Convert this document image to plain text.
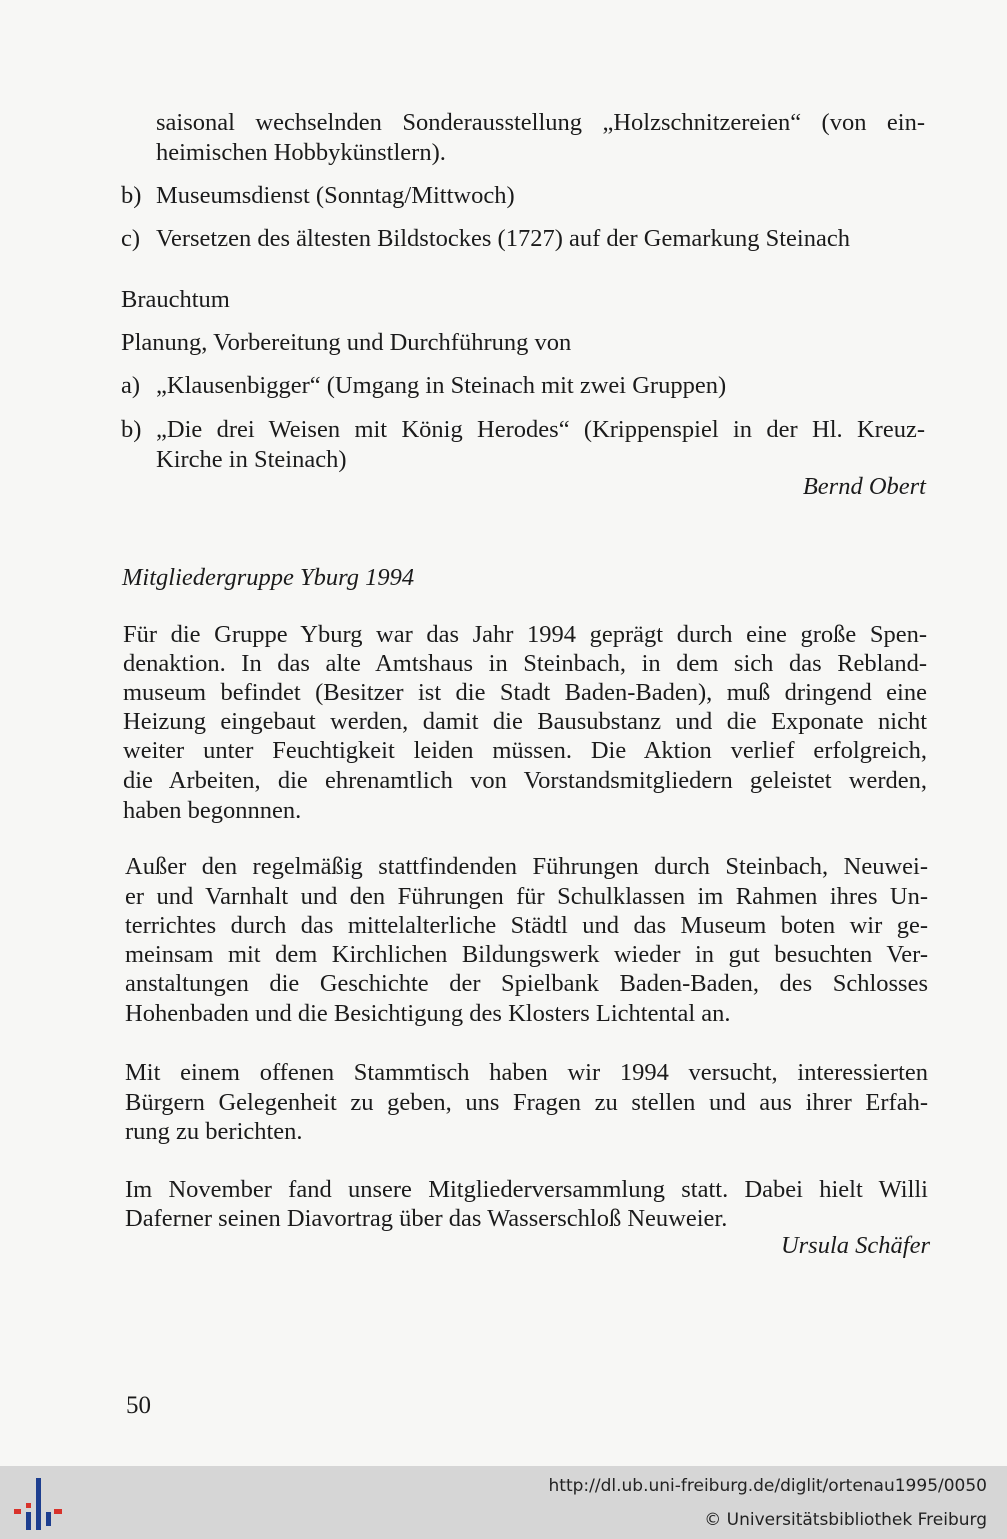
saisonal wechselnden Sonderausstellung „Holzschnitzereien“ (von ein-
heimischen Hobbykünstlern).
b) Museumsdienst (Sonntag/Mittwoch)
c) Versetzen des ältesten Bildstockes (1727) auf der Gemarkung Steinach
Brauchtum
Planung, Vorbereitung und Durchführung von
a) „Klausenbigger“ (Umgang in Steinach mit zwei Gruppen)
b) „Die drei Weisen mit König Herodes“ (Krippenspiel in der Hl. Kreuz-
Kirche in Steinach)
Bernd Obert
Mitgliedergruppe Yburg 1994
Für die Gruppe Yburg war das Jahr 1994 geprägt durch eine große Spen-
denaktion. In das alte Amtshaus in Steinbach, in dem sich das Rebland-
museum befindet (Besitzer ist die Stadt Baden-Baden), muß dringend eine
Heizung eingebaut werden, damit die Bausubstanz und die Exponate nicht
weiter unter Feuchtigkeit leiden müssen. Die Aktion verlief erfolgreich,
die Arbeiten, die ehrenamtlich von Vorstandsmitgliedern geleistet werden,
haben begonnnen.
Außer den regelmäßig stattfindenden Führungen durch Steinbach, Neuwei-
er und Varnhalt und den Führungen für Schulklassen im Rahmen ihres Un-
terrichtes durch das mittelalterliche Städtl und das Museum boten wir ge-
meinsam mit dem Kirchlichen Bildungswerk wieder in gut besuchten Ver-
anstaltungen die Geschichte der Spielbank Baden-Baden, des Schlosses
Hohenbaden und die Besichtigung des Klosters Lichtental an.
Mit einem offenen Stammtisch haben wir 1994 versucht, interessierten
Bürgern Gelegenheit zu geben, uns Fragen zu stellen und aus ihrer Erfah-
rung zu berichten.
Im November fand unsere Mitgliederversammlung statt. Dabei hielt Willi
Daferner seinen Diavortrag über das Wasserschloß Neuweier.
Ursula Schäfer
50
http://dl.ub.uni-freiburg.de/diglit/ortenau1995/0050
© Universitätsbibliothek Freiburg
